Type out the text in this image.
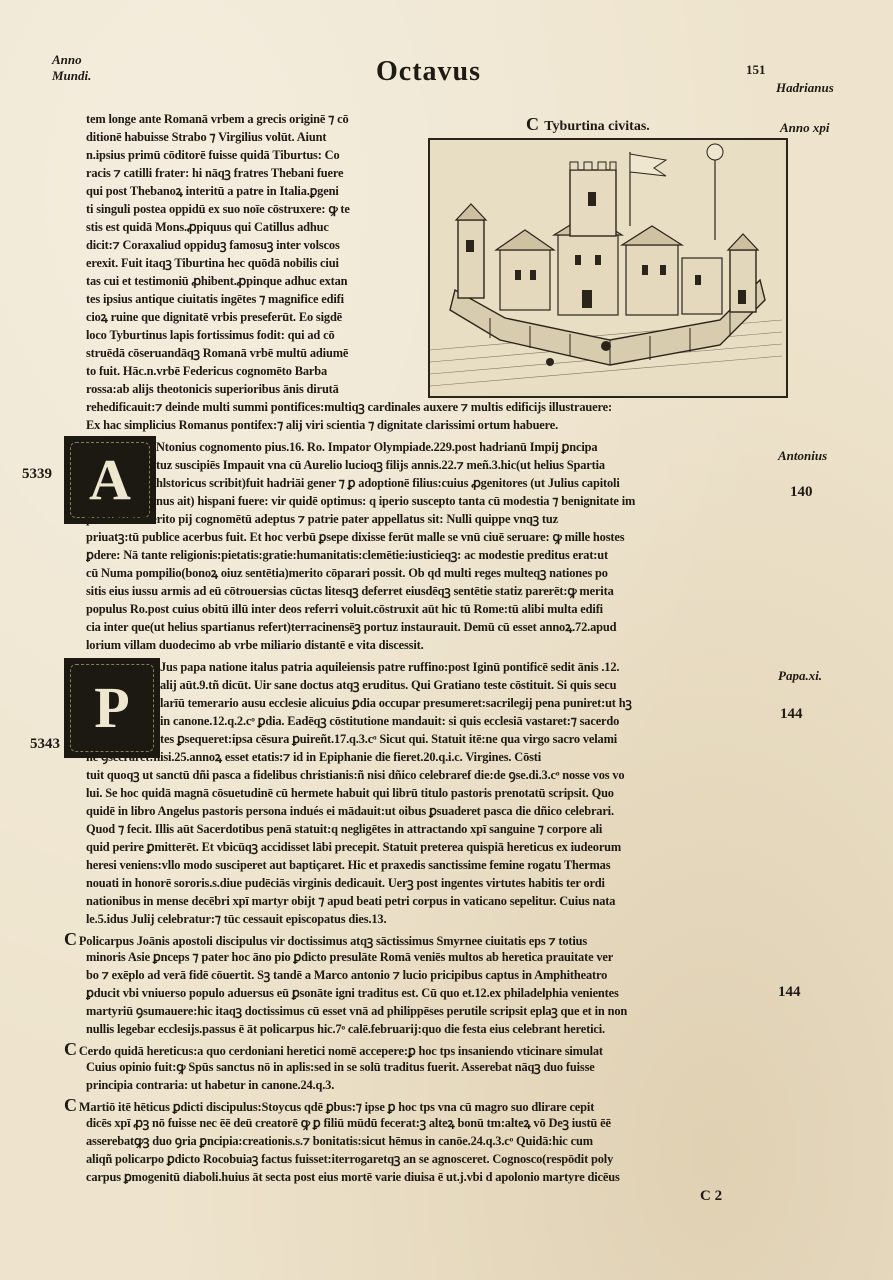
Anno
Mundi.	Octavus	151
Hadrianus
Anno xpi
C Tyburtina civitas.
tem longe ante Romanā vrbem a grecis originē ⁊ cō
ditionē habuisse Strabo ⁊ Virgilius volūt. Aiunt
n.ipsius primū cōditorē fuisse quidā Tiburtus: Co
racis ⁊ catilli frater: hi nāqꝫ fratres Thebani fuere
qui post Thebanoꝝ interitū a patre in Italia.ꝑgeni
ti singuli postea oppidū ex suo noīe cōstruxere: ꝙ te
stis est quidā Mons.ꝓpiquus qui Catillus adhuc
dicit:⁊ Coraxaliud oppiduꝫ famosuꝫ inter volscos
erexit. Fuit itaqꝫ Tiburtina hec quōdā nobilis ciui
tas cui et testimoniū ꝓhibent.ꝓpinque adhuc extan
tes ipsius antique ciuitatis ingētes ⁊ magnifice edifi
cioꝝ ruine que dignitatē vrbis preseferūt. Eo sigdē
loco Tyburtinus lapis fortissimus fodit: qui ad cō
struēdā cōseruandāqꝫ Romanā vrbē multū adiumē
to fuit. Hāc.n.vrbē Federicus cognomēto Barba
rossa:ab alijs theotonicis superioribus ānis dirutā
rehedificauit:⁊ deinde multi summi pontifices:multiqꝫ cardinales auxere ⁊ multis edificijs illustrauere:
Ex hac simplicius Romanus pontifex:⁊ alij viri scientia ⁊ dignitate clarissimi ortum habuere.
A
5339
Antonius
140
Ntonius cognomento pius.16. Ro. Impator Olympiade.229.post hadrianū Impij ꝑncipa
tuz suscipiēs Impauit vna cū Aurelio lucioqꝫ filijs annis.22.⁊ meñ.3.hic(ut helius Spartia
hlstoricus scribit)fuit hadriāi gener ⁊ ꝑ adoptionē filius:cuius ꝓgenitores (ut Julius capitoli
nus ait) hispani fuere: vir quidē optimus: q iperio suscepto tanta cū modestia ⁊ benignitate im
perauit:ut merito pij cognomētū adeptus ⁊ patrie pater appellatus sit: Nulli quippe vnqꝫ tuz
priuatꝫ:tū publice acerbus fuit. Et hoc verbū ꝑsepe dixisse ferūt malle se vnū ciuē seruare: ꝙ mille hostes
ꝑdere: Nā tante religionis:pietatis:gratie:humanitatis:clemētie:iusticieqꝫ: ac modestie preditus erat:ut
cū Numa pompilio(bonoꝝ oiuz sentētia)merito cōparari possit. Ob qd multi reges multeqꝫ nationes po
sitis eius iussu armis ad eū cōtrouersias cūctas litesqꝫ deferret eiusdēqꝫ sentētie statiz parerēt:ꝙ merita
populus Ro.post cuius obitū illū inter deos referri voluit.cōstruxit aūt hic tū Rome:tū alibi multa edifi
cia inter que(ut helius spartianus refert)terracinensēꝫ portuz instaurauit. Demū cū esset annoꝝ.72.apud
lorium villam duodecimo ab vrbe miliario distantē e vita discessit.
P	Papa.xi.
144
5343
Jus papa natione italus patria aquileiensis patre ruffino:post Iginū pontificē sedit ānis .12.
alij aūt.9.tñ dicūt. Uir sane doctus atqꝫ eruditus. Qui Gratiano teste cōstituit. Si quis secu
larīū temerario ausu ecclesie alicuius ꝑdia occupar presumeret:sacrilegij pena puniret:ut hꝫ
in canone.12.q.2.cᵒ ꝑdia. Eadēqꝫ cōstitutione mandauit: si quis ecclesiā vastaret:⁊ sacerdo
tes ꝑsequeret:ipsa cēsura ꝑuireñt.17.q.3.cᵒ Sicut qui. Statuit itē:ne qua virgo sacro velami
ne ꝯsecraret:nisi.25.annoꝝ esset etatis:⁊ id in Epiphanie die fieret.20.q.i.c. Virgines. Cōsti
tuit quoqꝫ ut sanctū dñi pasca a fidelibus christianis:ñ nisi dñico celebraref die:de ꝯse.di.3.cᵒ nosse vos vo
lui. Se hoc quidā magnā cōsuetudinē cū hermete habuit qui librū titulo pastoris prenotatū scripsit. Quo
quidē in libro Angelus pastoris persona indués ei mādauit:ut oibus ꝑsuaderet pasca die dñico celebrari.
Quod ⁊ fecit. Illis aūt Sacerdotibus penā statuit:q negligētes in attractando xpī sanguine ⁊ corpore ali
quid perire ꝑmitterēt. Et vbicūqꝫ accidisset lābi precepit. Statuit preterea quispiā hereticus ex iudeorum
heresi veniens:vllo modo susciperet aut baptiçaret. Hic et praxedis sanctissime femine rogatu Thermas
nouati in honorē sororis.s.diue pudēciās virginis dedicauit. Uerꝫ post ingentes virtutes habitis ter ordi
nationibus in mense decēbri xpī martyr obijt ⁊ apud beati petri corpus in vaticano sepelitur. Cuius nata
le.5.idus Julij celebratur:⁊ tūc cessauit episcopatus dies.13.
144
C Policarpus Joānis apostoli discipulus vir doctissimus atqꝫ sāctissimus Smyrnee ciuitatis eps ⁊ totius
minoris Asie ꝑnceps ⁊ pater hoc āno pio ꝑdicto presulāte Romā veniēs multos ab heretica prauitate ver
bo ⁊ exēplo ad verā fidē cōuertit. Sꝫ tandē a Marco antonio ⁊ lucio pricipibus captus in Amphitheatro
ꝑducit vbi vniuerso populo aduersus eū ꝑsonāte igni traditus est. Cū quo et.12.ex philadelphia venientes
martyriū ꝯsumauere:hic itaqꝫ doctissimus cū esset vnā ad philippēses perutile scripsit eplaꝫ que et in non
nullis legebar ecclesijs.passus ē āt policarpus hic.7ᵒ calē.februarij:quo die festa eius celebrant heretici.
C Cerdo quidā hereticus:a quo cerdoniani heretici nomē accepere:ꝑ hoc tps insaniendo vticinare simulat
Cuius opinio fuit:ꝙ Spūs sanctus nō in aplis:sed in se solū traditus fuerit. Asserebat nāqꝫ duo fuisse
principia contraria: ut habetur in canone.24.q.3.
C Martiō itē hēticus ꝑdicti discipulus:Stoycus qdē ꝑbus:⁊ ipse ꝑ hoc tps vna cū magro suo dlirare cepit
dicēs xpī ꝓꝫ nō fuisse nec ēē deū creatorē ꝙ ꝑ filiū mūdū fecerat:ꝫ alteꝝ bonū tm:alteꝝ vō Deꝫ iustū ēē
asserebatꝙꝫ duo ꝯria ꝑncipia:creationis.s.⁊ bonitatis:sicut hēmus in canōe.24.q.3.cᵒ Quidā:hic cum
aliqñ policarpo ꝑdicto Rocobuiaꝫ factus fuisset:iterrogaretqꝫ an se agnosceret. Cognosco(respōdit poly
carpus ꝑmogenitū diaboli.huius āt secta post eius mortē varie diuisa ē ut.j.vbi d apolonio martyre dicēus
C 2
